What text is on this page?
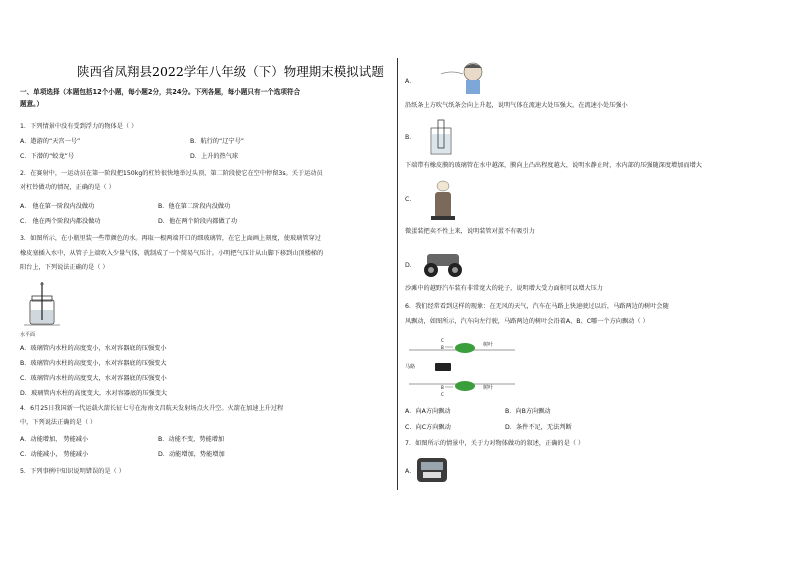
陕西省凤翔县2022学年八年级（下）物理期末模拟试题
一、单项选择（本题包括12个小题，每小题2分，共24分。下列各题，每小题只有一个选项符合
题意。）
1．下列情景中没有受到浮力的物体是（ ）
A．遨游的“天宫一号”	B．航行的“辽宁号”
C．下潜的“蛟龙”号	D．上升的热气球
2．在赛射中，一运动员在第一阶段把150kg的杠铃很快地举过头顶，第二阶段使它在空中停留3s。关于运动员
对杠铃做功的情况，正确的是（ ）
A． 他在第一阶段内没做功	B．他在第二阶段内没做功
C． 他在两个阶段内都没做功	D．他在两个阶段内都做了功
3．如图所示，在小瓶里装一些带颜色的水。再取一根两端开口的细玻璃管，在它上面画上刻度，使玻璃管穿过
橡皮塞插入水中，从管子上端吹入少量气体，就制成了一个简易气压计。小明把气压计从山脚下移到山顶楼梯的
阳台上，下列说法正确的是（ ）
水平面
A．玻璃管内水柱的高度变小，水对容器底的压强变小
B．玻璃管内水柱的高度变小，水对容器底的压强变大
C．玻璃管内水柱的高度变大，水对容器底的压强变小
D．玻璃管内水柱的高度变大，水对容器底的压强变大
4．6月25日我国新一代运载火箭长征七号在海南文昌航天发射场点火升空。火箭在加速上升过程
中，下列说法正确的是（ ）
A．动能增加， 势能减小	B．动能不变，势能增加
C．动能减小， 势能减小	D．动能增加，势能增加
5．下列事例中知识说明错误的是（ ）
A．
沿纸条上方吹气纸条会向上升起，说明气体在流速大处压强大，在流速小处压强小
B．
下端带有橡皮膜的玻璃管在水中越深，膜向上凸出程度越大，说明水静止时，水内部的压强随深度增加而增大
C．
微蛋装把卖不性上来，说明装管对蛋不有吸引力
D．
沙滩中的越野汽车装有非常宽大的轮子，说明增大受力面积可以增大压力
6．我们经常看到这样的现象：在无风的天气，汽车在马路上快速驶过以后，马路两边的树叶会随
风飘动，如图所示，汽车向左行驶，马路两边的树叶会沿着A、B、C哪一个方向飘动（ ）
C
B
B
C
树叶
马路
树叶
A．向A方向飘动	B．向B方向飘动
C．向C方向飘动	D．条件不足，无法判断
7．如图所示的情景中，关于力对物体做功的叙述，正确的是（ ）
A．
